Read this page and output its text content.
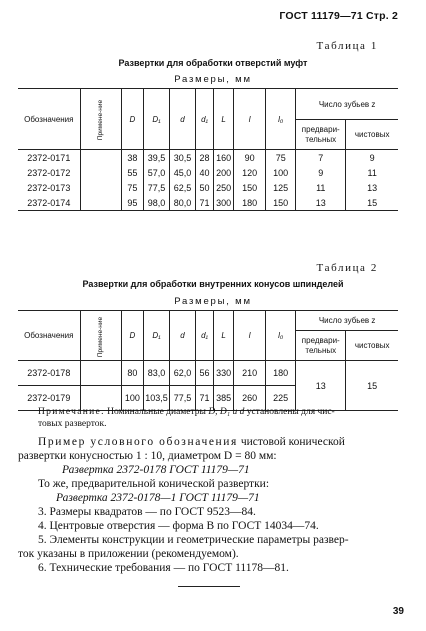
ГОСТ 11179—71 Стр. 2
Таблица 1
Развертки для обработки отверстий муфт
Размеры, мм
Обозначения	Примене-ние	D	D₁	d	d₁	L	l	l₀	Число зубьев z	
									предвари-тельных	чистовых
2372-0171		38	39,5	30,5	28	160	90	75	7	9
2372-0172		55	57,0	45,0	40	200	120	100	9	11
2372-0173		75	77,5	62,5	50	250	150	125	11	13
2372-0174		95	98,0	80,0	71	300	180	150	13	15
Таблица 2
Развертки для обработки внутренних конусов шпинделей
Размеры, мм
Обозначения	Примене-ние	D	D₁	d	d₁	L	l	l₀	Число зубьев z	
									предвари-тельных	чистовых
2372-0178		80	83,0	62,0	56	330	210	180	13	15
2372-0179		100	103,5	77,5	71	385	260	225		
Примечание. Номинальные диаметры D, D₁ и d установлены для чис-
товых разверток.
Пример условного обозначения чистовой конической
развертки конусностью 1 : 10, диаметром D = 80 мм:
Развертка 2372-0178 ГОСТ 11179—71
То же, предварительной конической развертки:
Развертка 2372-0178—1 ГОСТ 11179—71
3. Размеры квадратов — по ГОСТ 9523—84.
4. Центровые отверстия — форма В по ГОСТ 14034—74.
5. Элементы конструкции и геометрические параметры развер-
ток указаны в приложении (рекомендуемом).
6. Технические требования — по ГОСТ 11178—81.
39
